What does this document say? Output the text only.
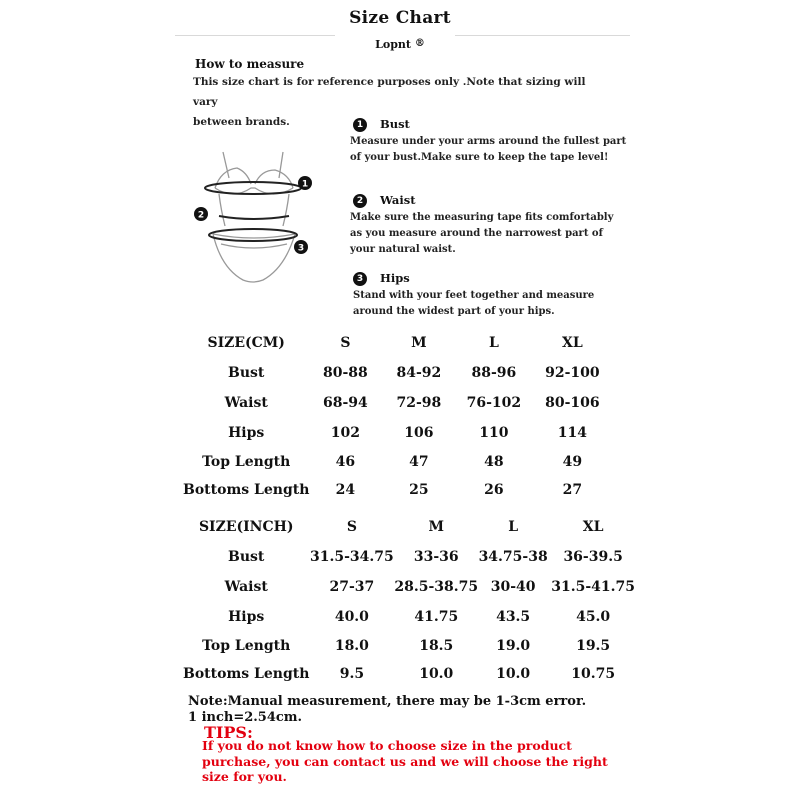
Size Chart
Lopnt ®
How to measure
This size chart is for reference purposes only .Note that sizing will vary
between brands.
1
2
3
1	Bust
Measure under your arms around the fullest part
of your bust.Make sure to keep the tape level!
2	Waist
Make sure the measuring tape fits comfortably
as you measure around the narrowest part of
your natural waist.
3	Hips
Stand with your feet together and measure
around the widest part of your hips.
SIZE(CM)	S	M	L	XL
Bust	80-88	84-92	88-96	92-100
Waist	68-94	72-98	76-102	80-106
Hips	102	106	110	114
Top Length	46	47	48	49
Bottoms Length	24	25	26	27
SIZE(INCH)	S	M	L	XL
Bust	31.5-34.75	33-36	34.75-38	36-39.5
Waist	27-37	28.5-38.75	30-40	31.5-41.75
Hips	40.0	41.75	43.5	45.0
Top Length	18.0	18.5	19.0	19.5
Bottoms Length	9.5	10.0	10.0	10.75
Note:Manual measurement, there may be 1-3cm error.
1 inch=2.54cm.
TIPS:
If you do not know how to choose size in the product
purchase, you can contact us and we will choose the right
size for you.
